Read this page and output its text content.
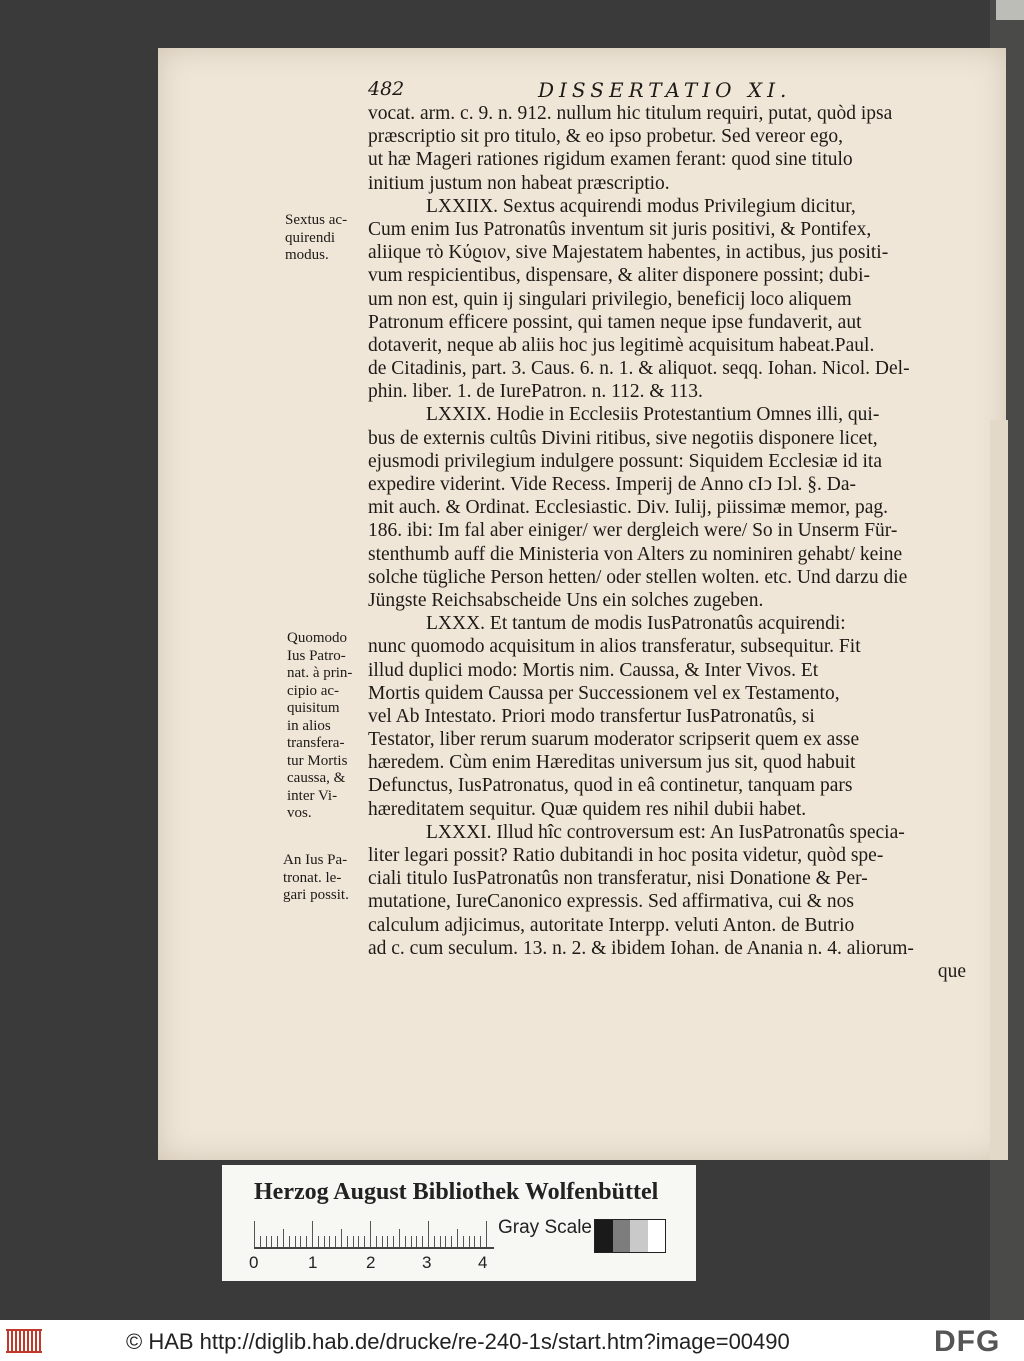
482	DISSERTATIO XI.
vocat. arm. c. 9. n. 912. nullum hic titulum requiri, putat, quòd ipsa
præscriptio sit pro titulo, & eo ipso probetur. Sed vereor ego,
ut hæ Mageri rationes rigidum examen ferant: quod sine titulo
initium justum non habeat præscriptio.
LXXIIX. Sextus acquirendi modus Privilegium dicitur,
Cum enim Ius Patronatûs inventum sit juris positivi, & Pontifex,
aliique τὸ Κύϱιον, sive Majestatem habentes, in actibus, jus positi-
vum respicientibus, dispensare, & aliter disponere possint; dubi-
um non est, quin ij singulari privilegio, beneficij loco aliquem
Patronum efficere possint, qui tamen neque ipse fundaverit, aut
dotaverit, neque ab aliis hoc jus legitimè acquisitum habeat.Paul.
de Citadinis, part. 3. Caus. 6. n. 1. & aliquot. seqq. Iohan. Nicol. Del-
phin. liber. 1. de IurePatron. n. 112. & 113.
LXXIX. Hodie in Ecclesiis Protestantium Omnes illi, qui-
bus de externis cultûs Divini ritibus, sive negotiis disponere licet,
ejusmodi privilegium indulgere possunt: Siquidem Ecclesiæ id ita
expedire viderint. Vide Recess. Imperij de Anno cIↄ Iↄl. §. Da-
mit auch. & Ordinat. Ecclesiastic. Div. Iulij, piissimæ memor, pag.
186. ibi: Im fal aber einiger/ wer dergleich were/ So in Unserm Für-
stenthumb auff die Ministeria von Alters zu nominiren gehabt/ keine
solche tügliche Person hetten/ oder stellen wolten. etc. Und darzu die
Jüngste Reichsabscheide Uns ein solches zugeben.
LXXX. Et tantum de modis IusPatronatûs acquirendi:
nunc quomodo acquisitum in alios transferatur, subsequitur. Fit
illud duplici modo: Mortis nim. Caussa, & Inter Vivos. Et
Mortis quidem Caussa per Successionem vel ex Testamento,
vel Ab Intestato. Priori modo transfertur IusPatronatûs, si
Testator, liber rerum suarum moderator scripserit quem ex asse
hæredem. Cùm enim Hæreditas universum jus sit, quod habuit
Defunctus, IusPatronatus, quod in eâ continetur, tanquam pars
hæreditatem sequitur. Quæ quidem res nihil dubii habet.
LXXXI. Illud hîc controversum est: An IusPatronatûs specia-
liter legari possit? Ratio dubitandi in hoc posita videtur, quòd spe-
ciali titulo IusPatronatûs non transferatur, nisi Donatione & Per-
mutatione, IureCanonico expressis. Sed affirmativa, cui & nos
calculum adjicimus, autoritate Interpp. veluti Anton. de Butrio
ad c. cum seculum. 13. n. 2. & ibidem Iohan. de Anania n. 4. aliorum-
que
Sextus ac-
quirendi
modus.
Quomodo
Ius Patro-
nat. à prin-
cipio ac-
quisitum
in alios
transfera-
tur Mortis
caussa, &
inter Vi-
vos.
An Ius Pa-
tronat. le-
gari possit.
Herzog August Bibliothek Wolfenbüttel
0	1	2	3	4
Gray Scale
© HAB http://diglib.hab.de/drucke/re-240-1s/start.htm?image=00490	DFG
